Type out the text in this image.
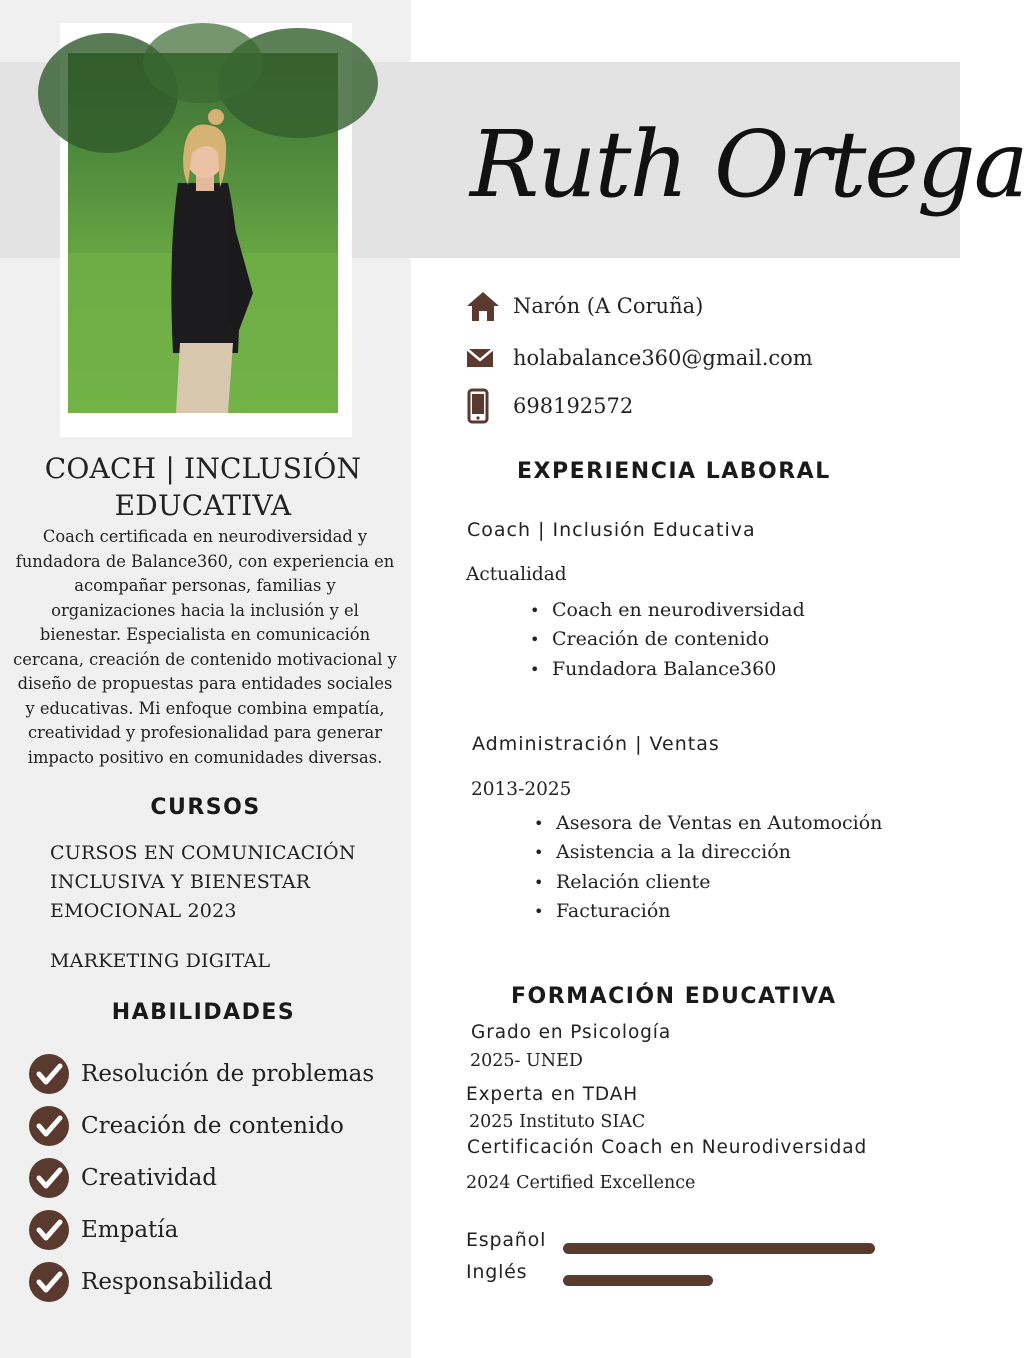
Ruth Ortega
Narón (A Coruña)
holabalance360@gmail.com
698192572
COACH | INCLUSIÓN
EDUCATIVA
Coach certificada en neurodiversidad y fundadora de Balance360, con experiencia en acompañar personas, familias y organizaciones hacia la inclusión y el bienestar. Especialista en comunicación cercana, creación de contenido motivacional y diseño de propuestas para entidades sociales y educativas. Mi enfoque combina empatía, creatividad y profesionalidad para generar impacto positivo en comunidades diversas.
CURSOS
CURSOS EN COMUNICACIÓN INCLUSIVA Y BIENESTAR EMOCIONAL 2023
MARKETING DIGITAL
HABILIDADES
Resolución de problemas
Creación de contenido
Creatividad
Empatía
Responsabilidad
EXPERIENCIA LABORAL
Coach | Inclusión Educativa
Actualidad
• Coach en neurodiversidad
• Creación de contenido
• Fundadora Balance360
Administración | Ventas
2013-2025
• Asesora de Ventas en Automoción
• Asistencia a la dirección
• Relación cliente
• Facturación
FORMACIÓN EDUCATIVA
Grado en Psicología
2025- UNED
Experta en TDAH
2025 Instituto SIAC
Certificación Coach en Neurodiversidad
2024 Certified Excellence
Español
Inglés
